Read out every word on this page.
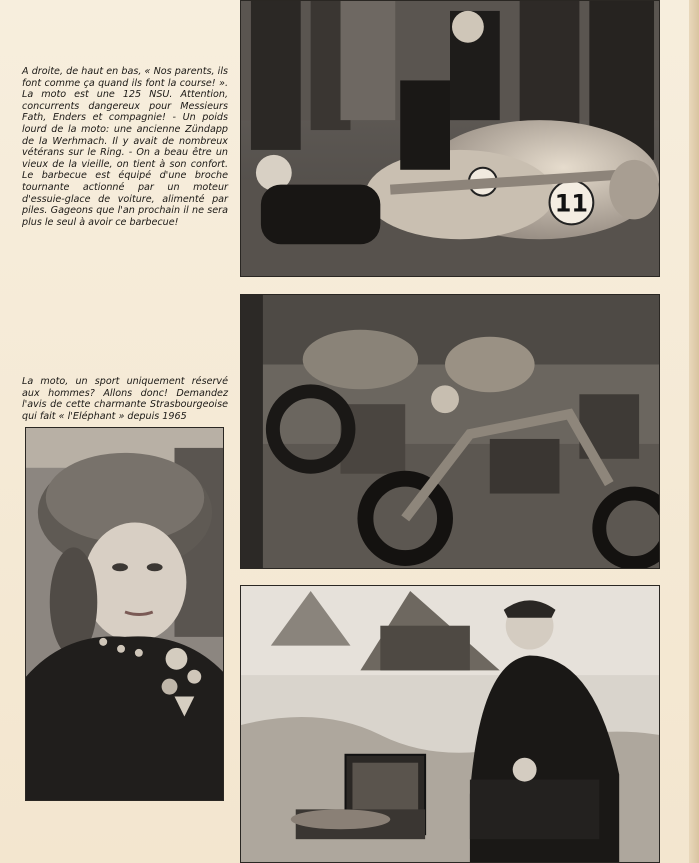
A droite, de haut en bas, « Nos parents, ils font comme ça quand ils font la course! ». La moto est une 125 NSU. Attention, concurrents dangereux pour Messieurs Fath, Enders et compagnie! - Un poids lourd de la moto: une ancienne Zündapp de la Werhmach. Il y avait de nombreux vétérans sur le Ring. - On a beau être un vieux de la vieille, on tient à son confort. Le barbecue est équipé d'une broche tournante actionné par un moteur d'essuie-glace de voiture, alimenté par piles. Gageons que l'an prochain il ne sera plus le seul à avoir ce barbecue!

La moto, un sport uniquement réservé aux hommes? Allons donc! Demandez l'avis de cette charmante Strasbourgeoise qui fait « l'Eléphant » depuis 1965

11
